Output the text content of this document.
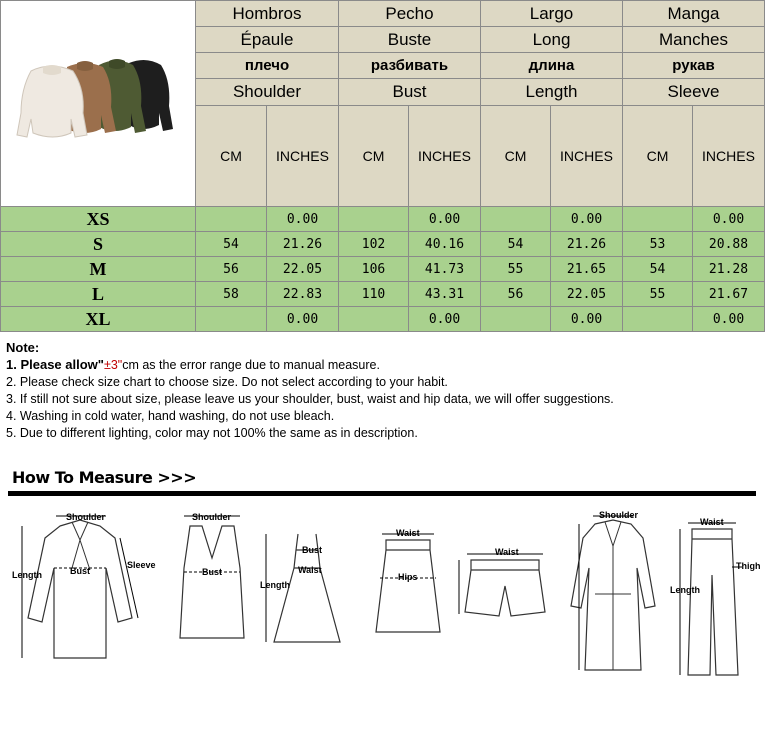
	Hombros		Pecho		Largo		Manga	
	Épaule		Buste		Long		Manches	
	плечо		разбивать		длина		рукав	
	Shoulder		Bust		Length		Sleeve	
	CM	INCHES	CM	INCHES	CM	INCHES	CM	INCHES
XS		0.00		0.00		0.00		0.00
S	54	21.26	102	40.16	54	21.26	53	20.88
M	56	22.05	106	41.73	55	21.65	54	21.28
L	58	22.83	110	43.31	56	22.05	55	21.67
XL		0.00		0.00		0.00		0.00
Note:
1. Please allow"±3"cm as the error range due to manual measure.
2. Please check size chart to choose size. Do not select according to your habit.
3. If still not sure about size, please leave us your shoulder, bust, waist and hip data, we will offer suggestions.
4. Washing in cold water, hand washing, do not use bleach.
5. Due to different lighting, color may not 100% the same as in description.
How To Measure >>>
Shoulder
Bust
Length
Sleeve
Shoulder
Bust
Bust
Waist
Length
Waist
Hips
Waist
Shoulder
Waist
Length
Thigh
